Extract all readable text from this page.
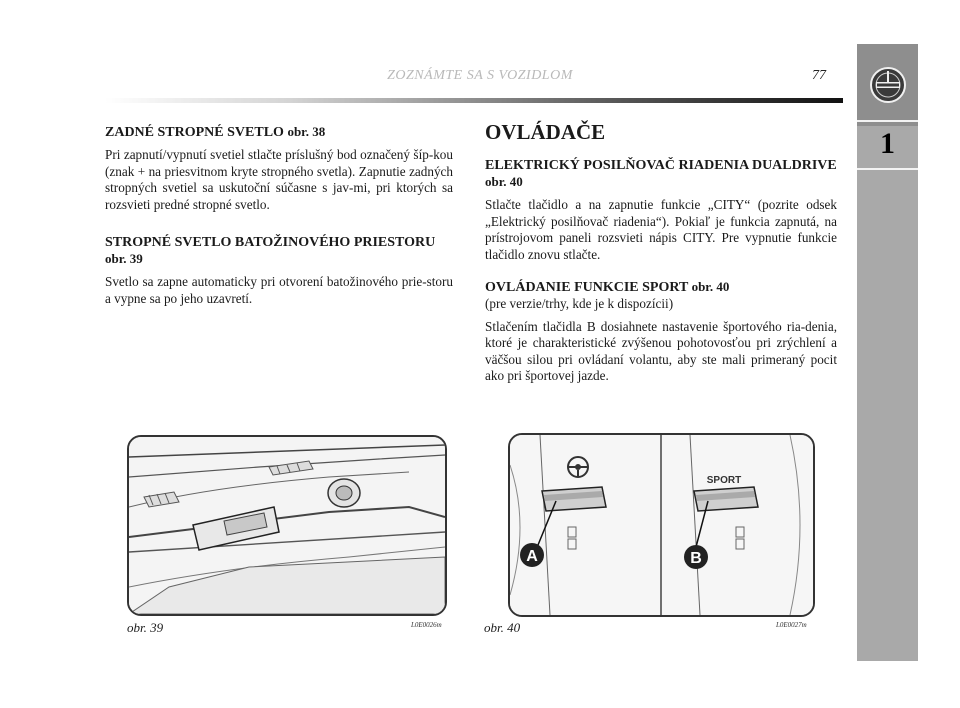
ZOZNÁMTE SA S VOZIDLOM	77
1
ZADNÉ STROPNÉ SVETLO obr. 38

Pri zapnutí/vypnutí svetiel stlačte príslušný bod označený šíp-kou (znak + na priesvitnom kryte stropného svetla). Zapnutie zadných stropných svetiel sa uskutoční súčasne s jav-mi, pri ktorých sa rozsvieti predné stropné svetlo.

STROPNÉ SVETLO BATOŽINOVÉHO PRIESTORU obr. 39

Svetlo sa zapne automaticky pri otvorení batožinového prie-storu a vypne sa po jeho uzavretí.

OVLÁDAČE
ELEKTRICKÝ POSILŇOVAČ RIADENIA DUALDRIVE obr. 40

Stlačte tlačidlo a na zapnutie funkcie „CITY“ (pozrite odsek „Elektrický posilňovač riadenia“). Pokiaľ je funkcia zapnutá, na prístrojovom paneli rozsvieti nápis CITY. Pre vypnutie funkcie tlačidlo znovu stlačte.

OVLÁDANIE FUNKCIE SPORT obr. 40

(pre verzie/trhy, kde je k dispozícii)

Stlačením tlačidla B dosiahnete nastavenie športového ria-denia, ktoré je charakteristické zvýšenou pohotovosťou pri zrýchlení a väčšou silou pri ovládaní volantu, aby ste mali primeraný pocit ako pri športovej jazde.

obr. 39	L0E0026m
SPORT
A	B
obr. 40	L0E0027m
